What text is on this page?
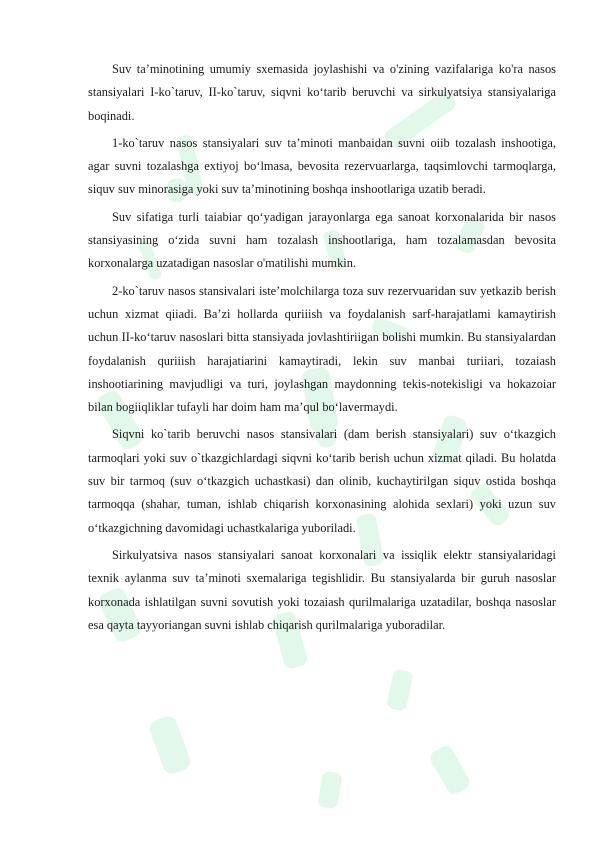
Suv ta’minotining umumiy sxemasida joylashishi va o'zining vazifalariga ko'ra nasos stansiyalari I-ko`taruv, II-ko`taruv, siqvni ko‘tarib beruvchi va sirkulyatsiya stansiyalariga boqinadi.

1-ko`taruv nasos stansiyalari suv ta’minoti manbaidan suvni oiib tozalash inshootiga, agar suvni tozalashga extiyoj bo‘lmasa, bevosita rezervuarlarga, taqsimlovchi tarmoqlarga, siquv suv minorasiga yoki suv ta’minotining boshqa inshootlariga uzatib beradi.

Suv sifatiga turli taiabiar qo‘yadigan jarayonlarga ega sanoat korxonalarida bir nasos stansiyasining o‘zida suvni ham tozalash inshootlariga, ham tozalamasdan bevosita korxonalarga uzatadigan nasoslar o'matilishi mumkin.

2-ko`taruv nasos stansivalari iste’molchilarga toza suv rezervuaridan suv yetkazib berish uchun xizmat qiiadi. Ba’zi hollarda quriiish va foydalanish sarf-harajatlami kamaytirish uchun II-ko‘taruv nasoslari bitta stansiyada jovlashtiriigan bolishi mumkin. Bu stansiyalardan foydalanish quriiish harajatiarini kamaytiradi, lekin suv manbai turiiari, tozaiash inshootiarining mavjudligi va turi, joylashgan maydonning tekis-notekisligi va hokazoiar bilan bogiiqliklar tufayli har doim ham ma’qul bo‘lavermaydi.

Siqvni ko`tarib beruvchi nasos stansivalari (dam berish stansiyalari) suv o‘tkazgich tarmoqlari yoki suv o`tkazgichlardagi siqvni ko‘tarib berish uchun xizmat qiladi. Bu holatda suv bir tarmoq (suv o‘tkazgich uchastkasi) dan olinib, kuchaytirilgan siquv ostida boshqa tarmoqqa (shahar, tuman, ishlab chiqarish korxonasining alohida sexlari) yoki uzun suv o‘tkazgichning davomidagi uchastkalariga yuboriladi.

Sirkulyatsiva nasos stansiyalari sanoat korxonalari va issiqlik elektr stansiyalaridagi texnik aylanma suv ta’minoti sxemalariga tegishlidir. Bu stansiyalarda bir guruh nasoslar korxonada ishlatilgan suvni sovutish yoki tozaiash qurilmalariga uzatadilar, boshqa nasoslar esa qayta tayyoriangan suvni ishlab chiqarish qurilmalariga yuboradilar.
